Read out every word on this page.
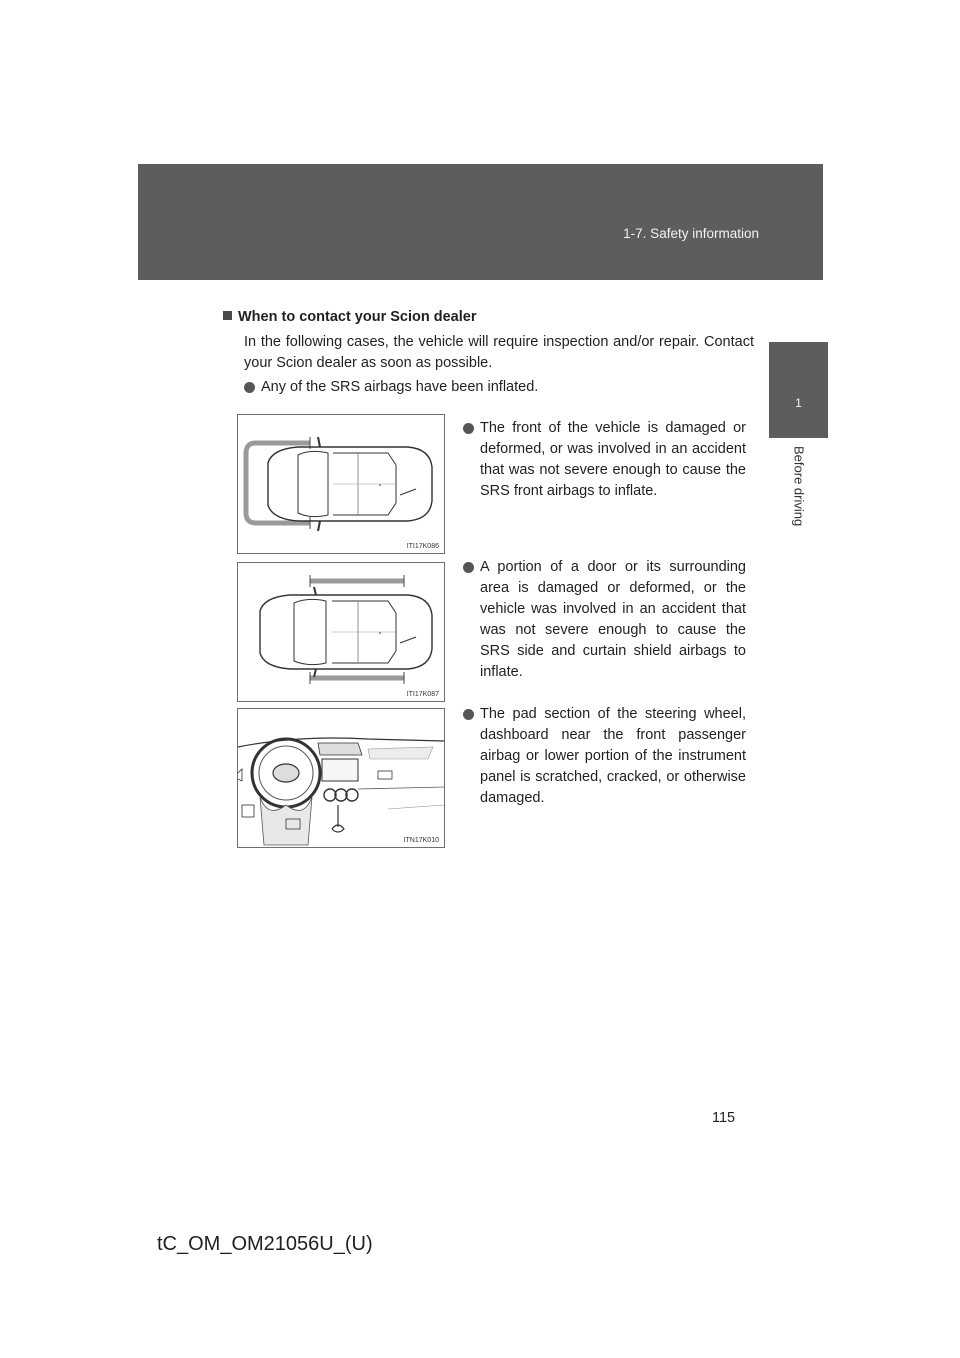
1-7. Safety information
1
Before driving
When to contact your Scion dealer
In the following cases, the vehicle will require inspection and/or repair. Contact your Scion dealer as soon as possible.
Any of the SRS airbags have been inflated.
The front of the vehicle is damaged or deformed, or was involved in an accident that was not severe enough to cause the SRS front airbags to inflate.
A portion of a door or its surrounding area is damaged or deformed, or the vehicle was involved in an accident that was not severe enough to cause the SRS side and curtain shield airbags to inflate.
The pad section of the steering wheel, dashboard near the front passenger airbag or lower portion of the instrument panel is scratched, cracked, or otherwise damaged.
ITI17K086
ITI17K087
ITN17K010
115
tC_OM_OM21056U_(U)
